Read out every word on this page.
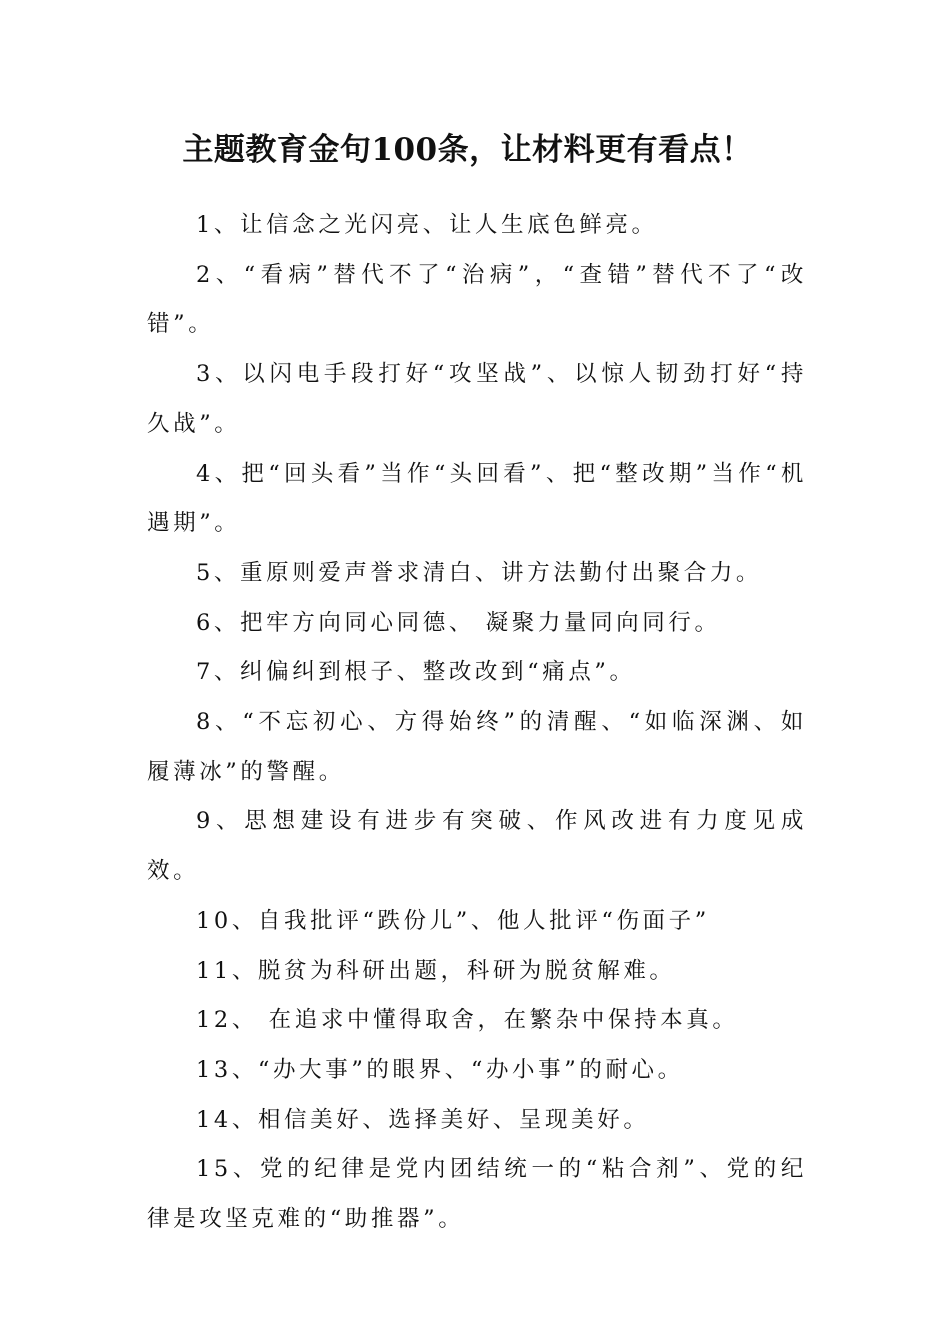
主题教育金句100条，让材料更有看点！

1、让信念之光闪亮、让人生底色鲜亮。

2、“看病”替代不了“治病”，“查错”替代不了“改错”。

3、以闪电手段打好“攻坚战”、以惊人韧劲打好“持久战”。

4、把“回头看”当作“头回看”、把“整改期”当作“机遇期”。

5、重原则爱声誉求清白、讲方法勤付出聚合力。

6、把牢方向同心同德、 凝聚力量同向同行。

7、纠偏纠到根子、整改改到“痛点”。

8、“不忘初心、方得始终”的清醒、“如临深渊、如履薄冰”的警醒。

9、思想建设有进步有突破、作风改进有力度见成效。

10、自我批评“跌份儿”、他人批评“伤面子”

11、脱贫为科研出题，科研为脱贫解难。

12、 在追求中懂得取舍，在繁杂中保持本真。

13、“办大事”的眼界、“办小事”的耐心。

14、相信美好、选择美好、呈现美好。

15、党的纪律是党内团结统一的“粘合剂”、党的纪律是攻坚克难的“助推器”。
